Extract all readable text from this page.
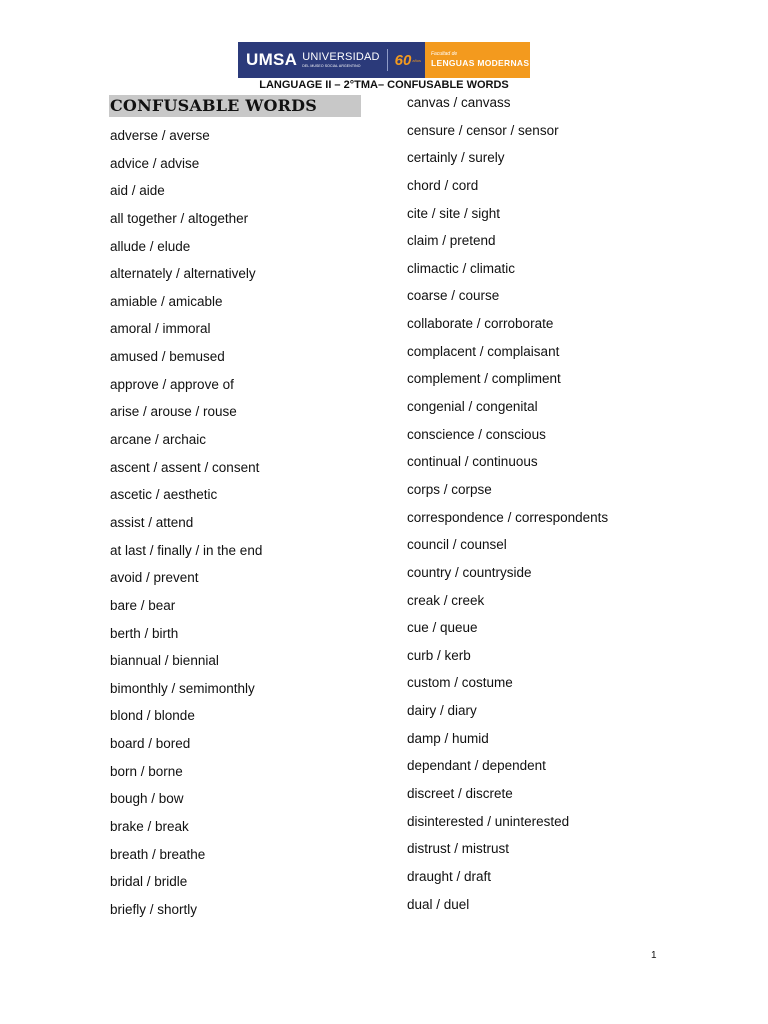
UMSA UNIVERSIDAD
DEL MUSEO SOCIAL ARGENTINO	60 años
Facultad de
LENGUAS MODERNAS
LANGUAGE II – 2°TMA– CONFUSABLE WORDS
CONFUSABLE WORDS
adverse / averse
advice / advise
aid / aide
all together / altogether
allude / elude
alternately / alternatively
amiable / amicable
amoral / immoral
amused / bemused
approve / approve of
arise / arouse / rouse
arcane / archaic
ascent / assent / consent
ascetic / aesthetic
assist / attend
at last / finally / in the end
avoid / prevent
bare / bear
berth / birth
biannual / biennial
bimonthly / semimonthly
blond / blonde
board / bored
born / borne
bough / bow
brake / break
breath / breathe
bridal / bridle
briefly / shortly
canvas / canvass
censure / censor / sensor
certainly / surely
chord / cord
cite / site / sight
claim / pretend
climactic / climatic
coarse / course
collaborate / corroborate
complacent / complaisant
complement / compliment
congenial / congenital
conscience / conscious
continual / continuous
corps / corpse
correspondence / correspondents
council / counsel
country / countryside
creak / creek
cue / queue
curb / kerb
custom / costume
dairy / diary
damp / humid
dependant / dependent
discreet / discrete
disinterested / uninterested
distrust / mistrust
draught / draft
dual / duel
1
